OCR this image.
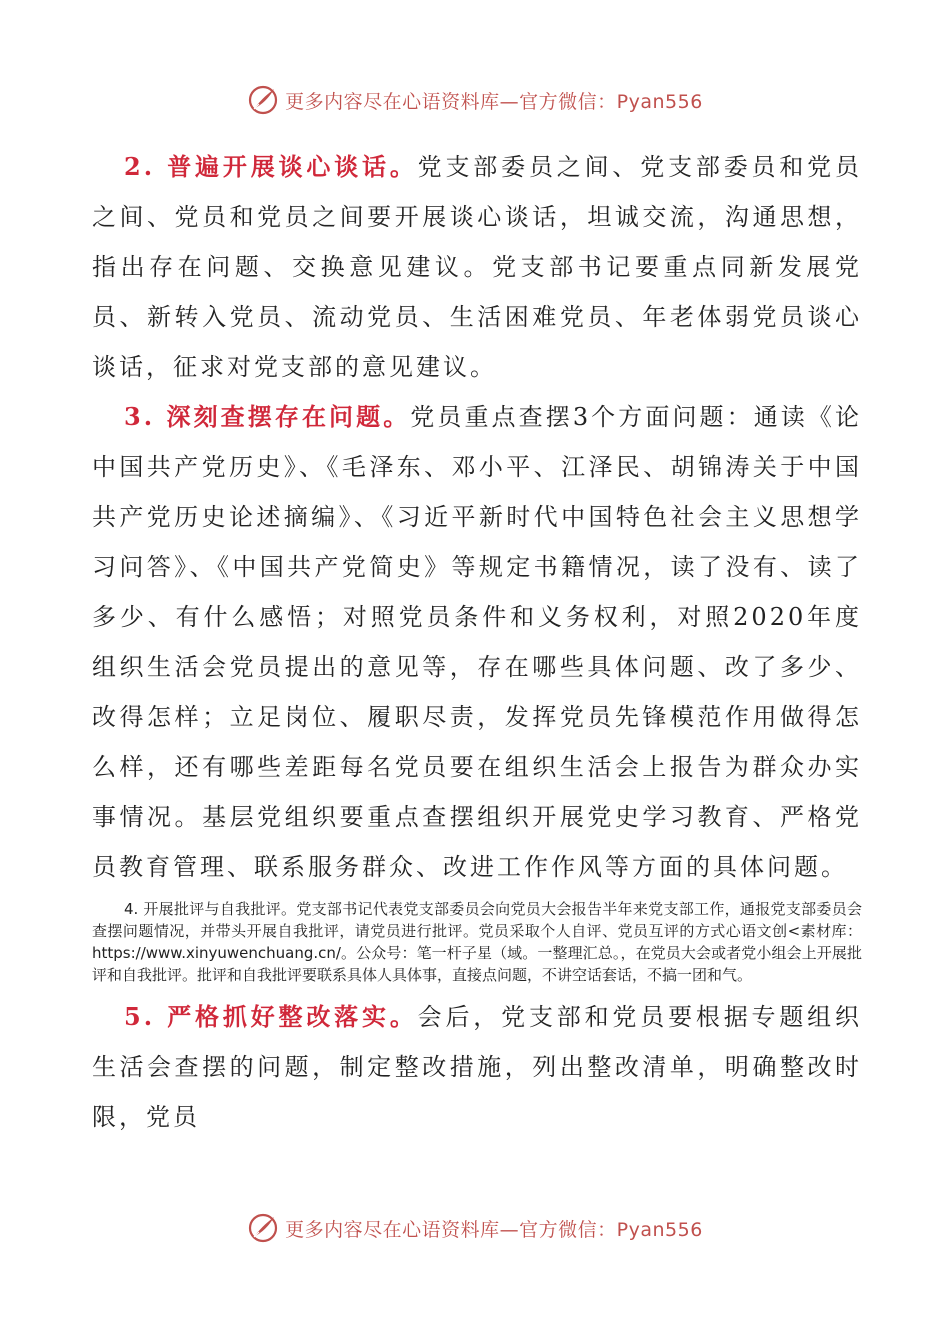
更多内容尽在心语资料库—官方微信：Pyan556

2. 普遍开展谈心谈话。党支部委员之间、党支部委员和党员之间、党员和党员之间要开展谈心谈话，坦诚交流，沟通思想，指出存在问题、交换意见建议。党支部书记要重点同新发展党员、新转入党员、流动党员、生活困难党员、年老体弱党员谈心谈话，征求对党支部的意见建议。

3. 深刻查摆存在问题。党员重点查摆3个方面问题：通读《论中国共产党历史》、《毛泽东、邓小平、江泽民、胡锦涛关于中国共产党历史论述摘编》、《习近平新时代中国特色社会主义思想学习问答》、《中国共产党简史》等规定书籍情况，读了没有、读了多少、有什么感悟；对照党员条件和义务权利，对照2020年度组织生活会党员提出的意见等，存在哪些具体问题、改了多少、改得怎样；立足岗位、履职尽责，发挥党员先锋模范作用做得怎么样，还有哪些差距每名党员要在组织生活会上报告为群众办实事情况。基层党组织要重点查摆组织开展党史学习教育、严格党员教育管理、联系服务群众、改进工作作风等方面的具体问题。

4. 开展批评与自我批评。党支部书记代表党支部委员会向党员大会报告半年来党支部工作，通报党支部委员会查摆问题情况，并带头开展自我批评，请党员进行批评。党员采取个人自评、党员互评的方式心语文创<素材库：https://www.xinyuwenchuang.cn/。公众号：笔一杆子星（域。一整理汇总。，在党员大会或者党小组会上开展批评和自我批评。批评和自我批评要联系具体人具体事，直接点问题，不讲空话套话，不搞一团和气。

5. 严格抓好整改落实。会后，党支部和党员要根据专题组织生活会查摆的问题，制定整改措施，列出整改清单，明确整改时限，党员

更多内容尽在心语资料库—官方微信：Pyan556
